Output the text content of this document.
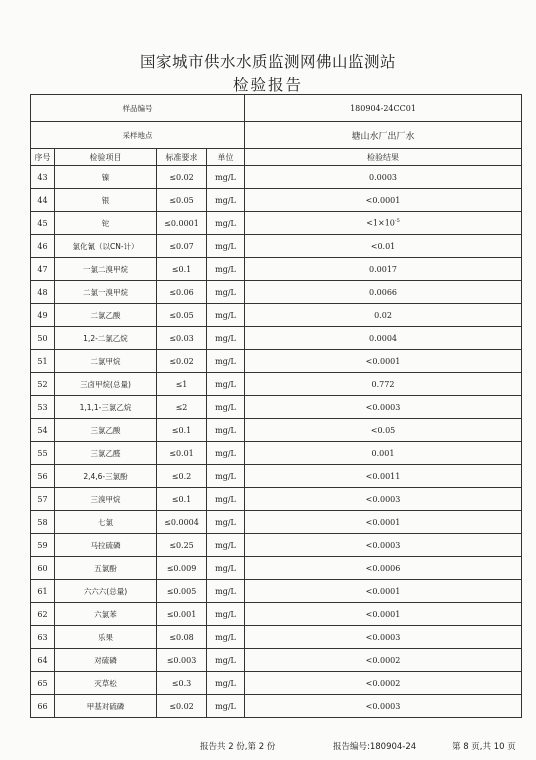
国家城市供水水质监测网佛山监测站
检验报告
样品编号				180904-24CC01
采样地点				塘山水厂出厂水
序号	检验项目	标准要求	单位	检验结果
43	镍	≤0.02	mg/L	0.0003
44	银	≤0.05	mg/L	<0.0001
45	铊	≤0.0001	mg/L	$<1\times 10^{-5}$
46	氯化氰（以CN-计）	≤0.07	mg/L	<0.01
47	一氯二溴甲烷	≤0.1	mg/L	0.0017
48	二氯一溴甲烷	≤0.06	mg/L	0.0066
49	二氯乙酸	≤0.05	mg/L	0.02
50	1,2-二氯乙烷	≤0.03	mg/L	0.0004
51	二氯甲烷	≤0.02	mg/L	<0.0001
52	三卤甲烷(总量)	≤1	mg/L	0.772
53	1,1,1-三氯乙烷	≤2	mg/L	<0.0003
54	三氯乙酸	≤0.1	mg/L	<0.05
55	三氯乙醛	≤0.01	mg/L	0.001
56	2,4,6-三氯酚	≤0.2	mg/L	<0.0011
57	三溴甲烷	≤0.1	mg/L	<0.0003
58	七氯	≤0.0004	mg/L	<0.0001
59	马拉硫磷	≤0.25	mg/L	<0.0003
60	五氯酚	≤0.009	mg/L	<0.0006
61	六六六(总量)	≤0.005	mg/L	<0.0001
62	六氯苯	≤0.001	mg/L	<0.0001
63	乐果	≤0.08	mg/L	<0.0003
64	对硫磷	≤0.003	mg/L	<0.0002
65	灭草松	≤0.3	mg/L	<0.0002
66	甲基对硫磷	≤0.02	mg/L	<0.0003
报告共 2 份,第 2 份	报告编号:180904-24	第 8 页,共 10 页
